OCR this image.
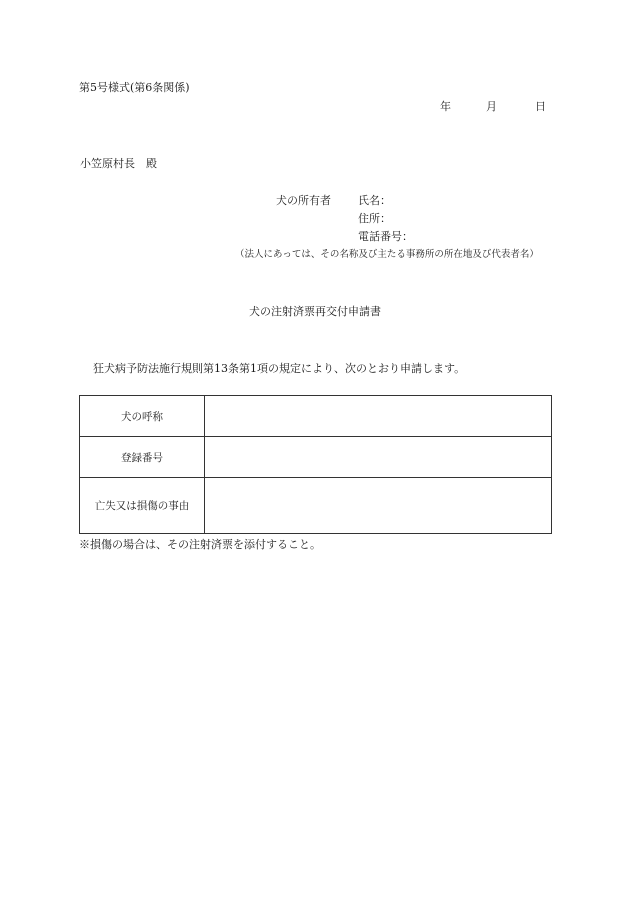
第5号様式(第6条関係)
年	月	日
小笠原村長　殿
犬の所有者 氏名：
住所：
電話番号：
（法人にあっては、その名称及び主たる事務所の所在地及び代表者名）
犬の注射済票再交付申請書
狂犬病予防法施行規則第13条第1項の規定により、次のとおり申請します。
犬の呼称	
登録番号	
亡失又は損傷の事由	
※損傷の場合は、その注射済票を添付すること。
